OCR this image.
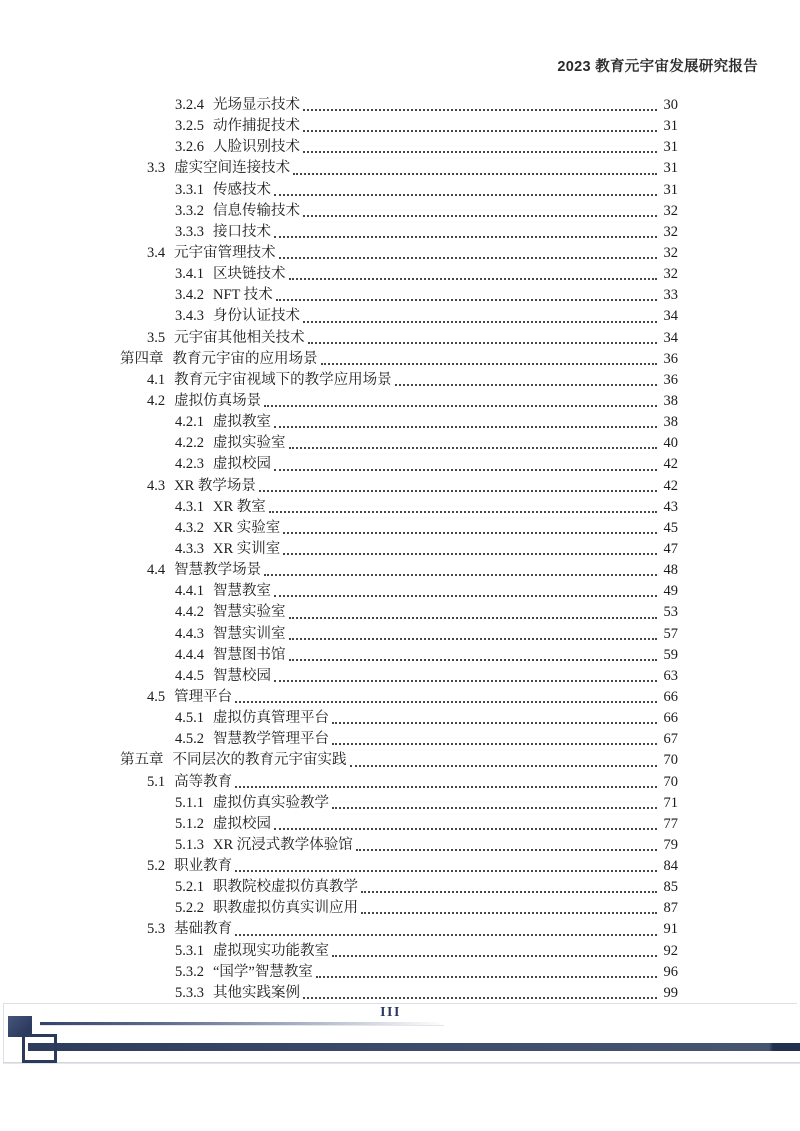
2023 教育元宇宙发展研究报告
3.2.4 光场显示技术	30
3.2.5 动作捕捉技术	31
3.2.6 人脸识别技术	31
3.3 虚实空间连接技术	31
3.3.1 传感技术	31
3.3.2 信息传输技术	32
3.3.3 接口技术	32
3.4 元宇宙管理技术	32
3.4.1 区块链技术	32
3.4.2 NFT 技术	33
3.4.3 身份认证技术	34
3.5 元宇宙其他相关技术	34
第四章 教育元宇宙的应用场景	36
4.1 教育元宇宙视域下的教学应用场景	36
4.2 虚拟仿真场景	38
4.2.1 虚拟教室	38
4.2.2 虚拟实验室	40
4.2.3 虚拟校园	42
4.3 XR 教学场景	42
4.3.1 XR 教室	43
4.3.2 XR 实验室	45
4.3.3 XR 实训室	47
4.4 智慧教学场景	48
4.4.1 智慧教室	49
4.4.2 智慧实验室	53
4.4.3 智慧实训室	57
4.4.4 智慧图书馆	59
4.4.5 智慧校园	63
4.5 管理平台	66
4.5.1 虚拟仿真管理平台	66
4.5.2 智慧教学管理平台	67
第五章 不同层次的教育元宇宙实践	70
5.1 高等教育	70
5.1.1 虚拟仿真实验教学	71
5.1.2 虚拟校园	77
5.1.3 XR 沉浸式教学体验馆	79
5.2 职业教育	84
5.2.1 职教院校虚拟仿真教学	85
5.2.2 职教虚拟仿真实训应用	87
5.3 基础教育	91
5.3.1 虚拟现实功能教室	92
5.3.2 “国学”智慧教室	96
5.3.3 其他实践案例	99
III
